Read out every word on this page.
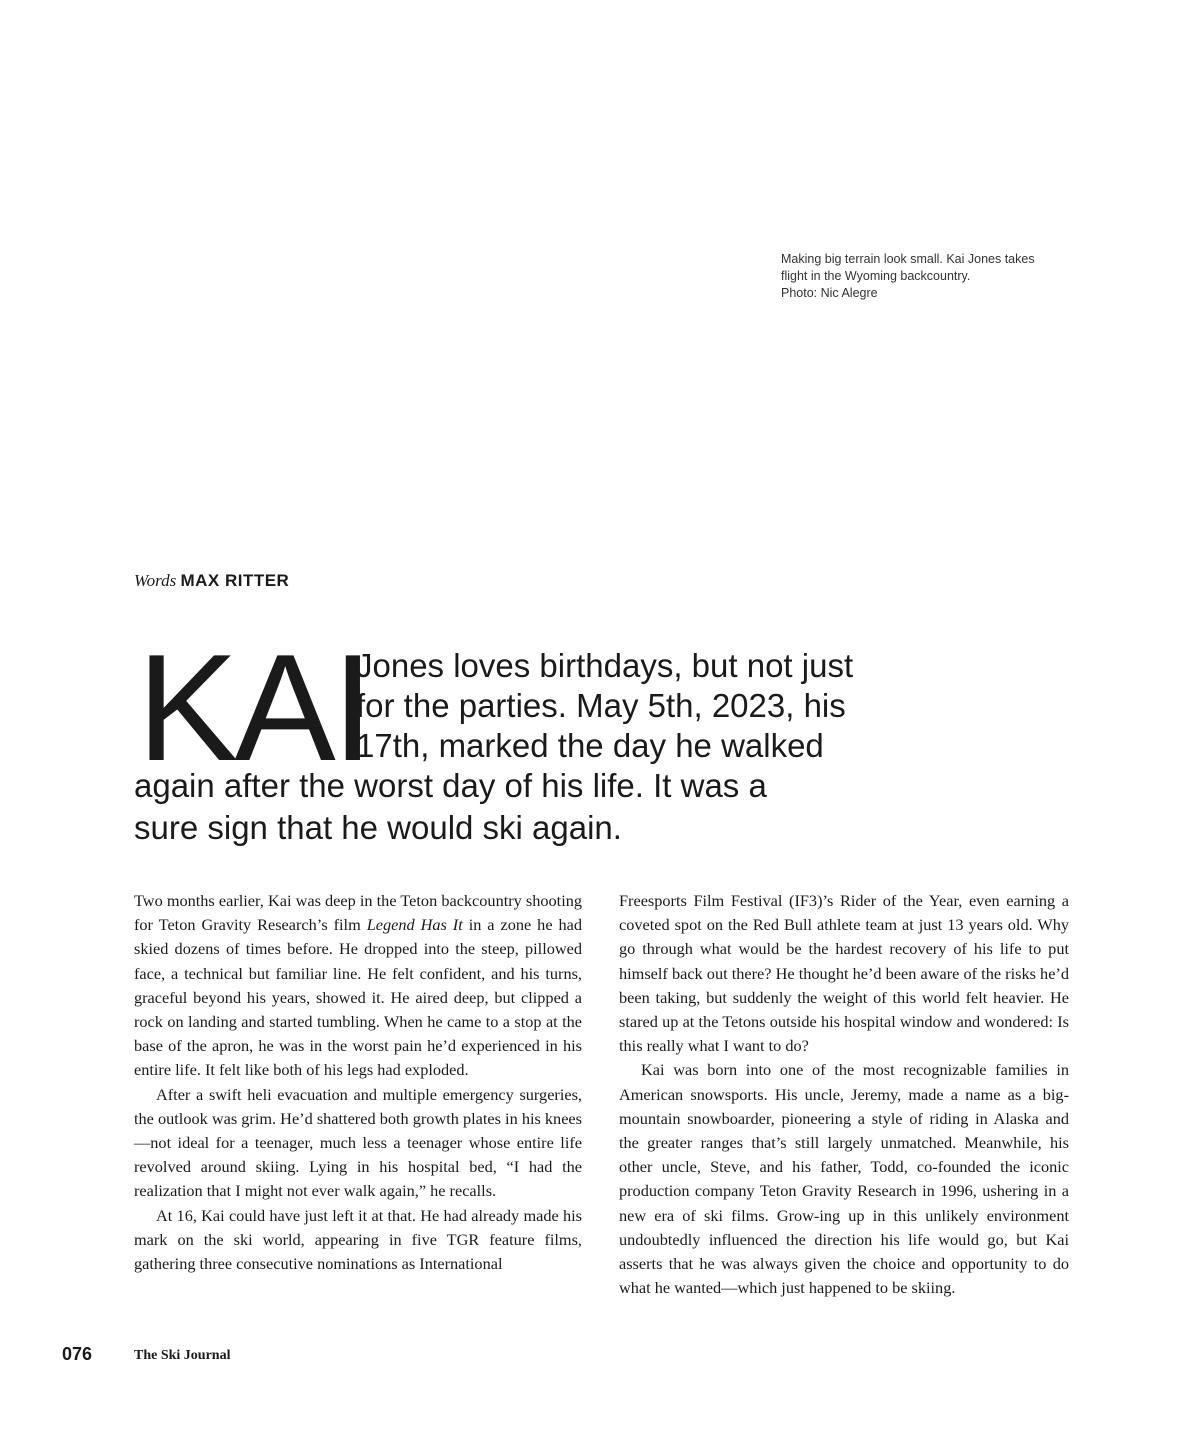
Making big terrain look small. Kai Jones takes
flight in the Wyoming backcountry.
Photo: Nic Alegre
Words MAX RITTER
KAI
Jones loves birthdays, but not just
for the parties. May 5th, 2023, his
17th, marked the day he walked
again after the worst day of his life. It was a
sure sign that he would ski again.

Two months earlier, Kai was deep in the Teton backcountry shooting for Teton Gravity Research’s film Legend Has It in a zone he had skied dozens of times before. He dropped into the steep, pillowed face, a technical but familiar line. He felt confident, and his turns, graceful beyond his years, showed it. He aired deep, but clipped a rock on landing and started tumbling. When he came to a stop at the base of the apron, he was in the worst pain he’d experienced in his entire life. It felt like both of his legs had exploded.

After a swift heli evacuation and multiple emergency surgeries, the outlook was grim. He’d shattered both growth plates in his knees—not ideal for a teenager, much less a teenager whose entire life revolved around skiing. Lying in his hospital bed, “I had the realization that I might not ever walk again,” he recalls.

At 16, Kai could have just left it at that. He had already made his mark on the ski world, appearing in five TGR feature films, gathering three consecutive nominations as International

Freesports Film Festival (IF3)’s Rider of the Year, even earning a coveted spot on the Red Bull athlete team at just 13 years old. Why go through what would be the hardest recovery of his life to put himself back out there? He thought he’d been aware of the risks he’d been taking, but suddenly the weight of this world felt heavier. He stared up at the Tetons outside his hospital window and wondered: Is this really what I want to do?

Kai was born into one of the most recognizable families in American snowsports. His uncle, Jeremy, made a name as a big-mountain snowboarder, pioneering a style of riding in Alaska and the greater ranges that’s still largely unmatched. Meanwhile, his other uncle, Steve, and his father, Todd, co-founded the iconic production company Teton Gravity Research in 1996, ushering in a new era of ski films. Grow-ing up in this unlikely environment undoubtedly influenced the direction his life would go, but Kai asserts that he was always given the choice and opportunity to do what he wanted—which just happened to be skiing.

076	The Ski Journal
